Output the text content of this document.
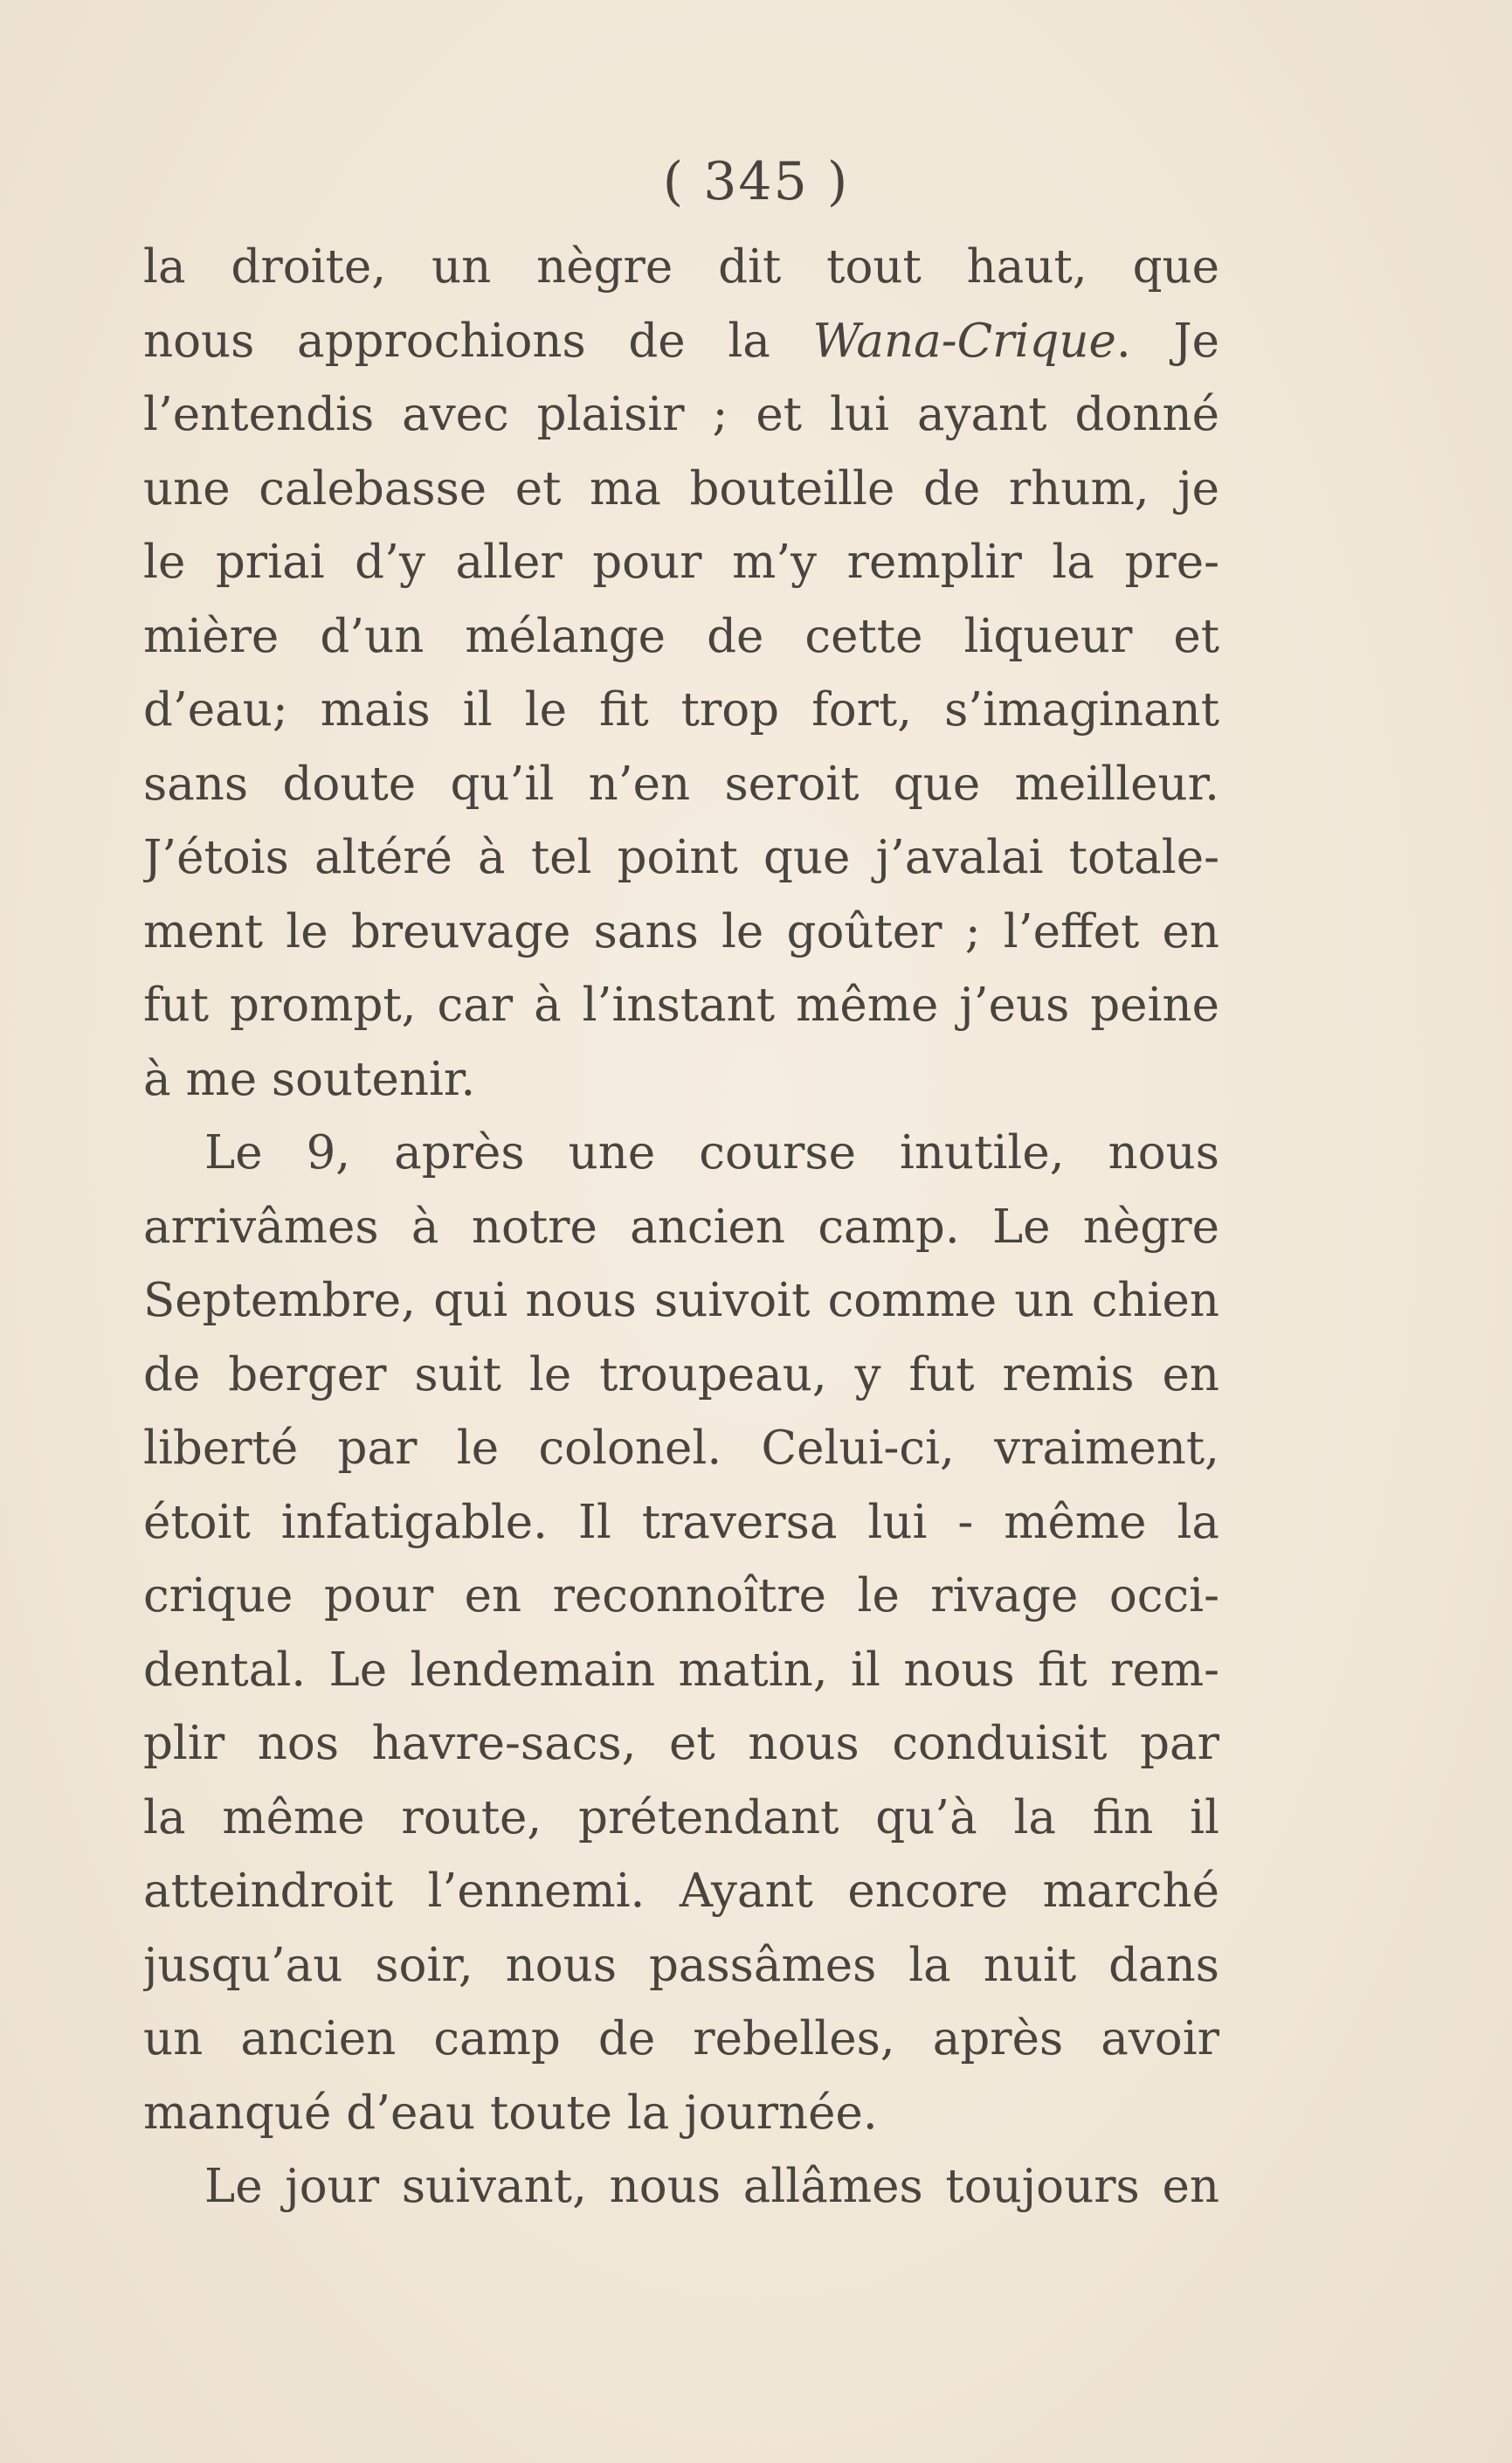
( 345 )
la droite, un nègre dit tout haut, que
nous approchions de la Wana-Crique. Je
l’entendis avec plaisir ; et lui ayant donné
une calebasse et ma bouteille de rhum, je
le priai d’y aller pour m’y remplir la pre-
mière d’un mélange de cette liqueur et
d’eau; mais il le fit trop fort, s’imaginant
sans doute qu’il n’en seroit que meilleur.
J’étois altéré à tel point que j’avalai totale-
ment le breuvage sans le goûter ; l’effet en
fut prompt, car à l’instant même j’eus peine
à me soutenir.
Le 9, après une course inutile, nous
arrivâmes à notre ancien camp. Le nègre
Septembre, qui nous suivoit comme un chien
de berger suit le troupeau, y fut remis en
liberté par le colonel. Celui-ci, vraiment,
étoit infatigable. Il traversa lui - même la
crique pour en reconnoître le rivage occi-
dental. Le lendemain matin, il nous fit rem-
plir nos havre-sacs, et nous conduisit par
la même route, prétendant qu’à la fin il
atteindroit l’ennemi. Ayant encore marché
jusqu’au soir, nous passâmes la nuit dans
un ancien camp de rebelles, après avoir
manqué d’eau toute la journée.
Le jour suivant, nous allâmes toujours en
